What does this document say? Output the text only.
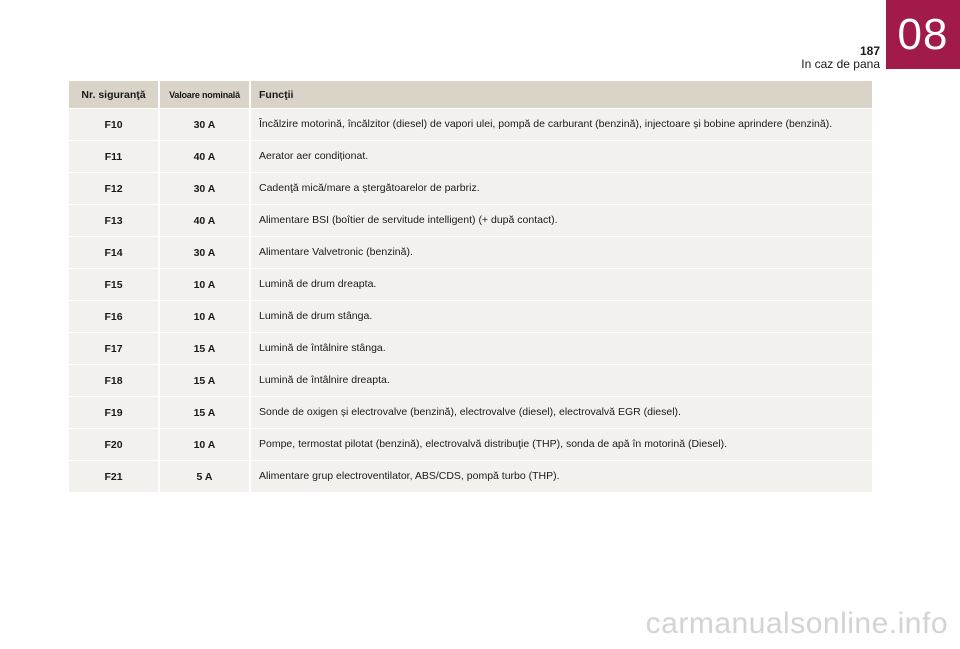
08
187
In caz de pana
Nr. siguranţă	Valoare nominală	Funcţii
F10	30 A	Încălzire motorină, încălzitor (diesel) de vapori ulei, pompă de carburant (benzină), injectoare și bobine aprindere (benzină).
F11	40 A	Aerator aer condiționat.
F12	30 A	Cadenţă mică/mare a ștergătoarelor de parbriz.
F13	40 A	Alimentare BSI (boîtier de servitude intelligent) (+ după contact).
F14	30 A	Alimentare Valvetronic (benzină).
F15	10 A	Lumină de drum dreapta.
F16	10 A	Lumină de drum stânga.
F17	15 A	Lumină de întâlnire stânga.
F18	15 A	Lumină de întâlnire dreapta.
F19	15 A	Sonde de oxigen și electrovalve (benzină), electrovalve (diesel), electrovalvă EGR (diesel).
F20	10 A	Pompe, termostat pilotat (benzină), electrovalvă distribuţie (THP), sonda de apă în motorină (Diesel).
F21	5 A	Alimentare grup electroventilator, ABS/CDS, pompă turbo (THP).
carmanualsonline.info
